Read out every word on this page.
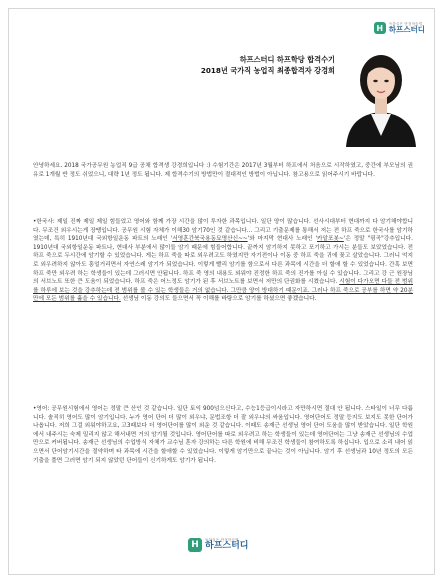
H	독하실은 만점학습법
하프스터디
하프스터디 하프학당 합격수기
2018년 국가직 농업직 최종합격자 강경희

안녕하세요. 2018 국가공무원 농업직 9급 공채 합격생 강경희입니다 :) 수험기간은 2017년 3월부터 하프에서 처음으로 시작하였고, 중간에 부모님의 권유로 1개월 반 정도 쉬었으니, 대략 1년 정도 됩니다. 제 합격수기의 방법만이 절대적인 방법이 아닙니다. 참고용으로 읽어주시기 바랍니다.

•한국사: 제일 진짜 제일 제일 힘들었고 영어와 함께 가장 시간을 많이 투자한 과목입니다. 일단 양이 많습니다. 선사시대부터 현대까지 다 암기해야합니다. 무조건 외우시는게 장땡입니다. 공무원 시험 자체가 이해30 암기70인 것 같습니다... 그리고 기출문제를 통해서 저는 전 하프 죽으로 한국사를 암기하였는데, 특히 1910년대 국외항일운동 파트의 노래인 '서영훈간북국용동묘명산신~~'와 마지막 현대사 노래인 '카알포봇~'은 정말 "핑곡"강추입니다. 1910년대 국외항일운동 파트나, 현대사 부분에서 많이들 암기 때문에 힘들어합니다. 끝까지 암기하지 못하고 포기하고 가시는 분들도 보았었습니다. 전 하프 죽으로 두시간에 암기할 수 있었습니다. 게는 하프 죽을 따로 외우려고도 하였지만 자기전이나 이동 중 하프 죽을 귀에 꽂고 살았습니다. 그러니 억지로 외우려하지 않아도 흥얼거리면서 자연스레 암기가 되었습니다. 이렇게 빨리 암기를 함으로서 다른 과목에 시간을 더 할애 할 수 있었습니다. 간혹 보면 하프 죽만 외우려 하는 학생들이 있는데 그러시면 안됩니다. 하프 죽 영의 내용도 외워야 진정한 하프 죽의 진가를 아실 수 있습니다. 그리고 강 근 원장님의 서브노트 또한 큰 도움이 되었습니다. 하프 죽은 어느정도 암기가 된 후 서브노트를 보면서 저만의 단권화를 시켰습니다. 시험이 다가오면 다들 전 범위를 하루에 보는 것을 강추하는데 전 범위를 볼 수 있는 학생들은 거의 없습니다. 그만큼 양이 방대하기 때문이죠. 그러나 하프 죽으로 공부를 하면 약 20분 만에 모든 범위를 훑을 수 있습니다. 선생님 이동 강의도 들으면서 꼭 이해를 바탕으로 암기를 하셨으면 좋겠습니다.

•영어: 공무원시험에서 영어는 정말 큰 산인 것 같습니다. 일단 토익 900넘으신다고, 수능1등급이시라고 자만하시면 절대 안 됩니다. 스타일이 너무 다릅니다. 솔직히 영어도 많이 암기입니다. 누가 영어 단어 더 많이 외우냐, 문법조항 더 잘 외우냐의 싸움입니다. 영어단어도 정말 등지도 보지도 못한 단어가 나옵니다. 저희 그걸 외워야하고요, 고3때보다 더 영어단어를 많이 외운 것 같습니다. 이때도 송재근 선생님 영어 단어 도움을 많이 받았습니다. 일단 학원에서 내주시는 숙제 밀리지 않고 해서내면 거의 암기될 것입니다. 영어단어를 따로 외우려고 하는 학생들이 있는데 영어단어는 그냥 송재근 선생님의 수업만으로 커버됩니다. 송재근 선생님의 수업방식 자체가 교수님 혼자 강의하는 다른 학원에 비해 무조건 학생들이 참여하도록 하십니다. 입으로 소리 내어 읽으면서 단어암기시간을 절약하며 타 과목에 시간을 할애할 수 있었습니다. 이렇게 암기만으로 끝나는 것이 아닙니다. 암기 후 선생님과 10년 정도의 모든 기출을 풀면 그러면 암기 되지 않았던 단어들이 신기하게도 암기가 됩니다.

H
독하실은 만점학습법
하프스터디
